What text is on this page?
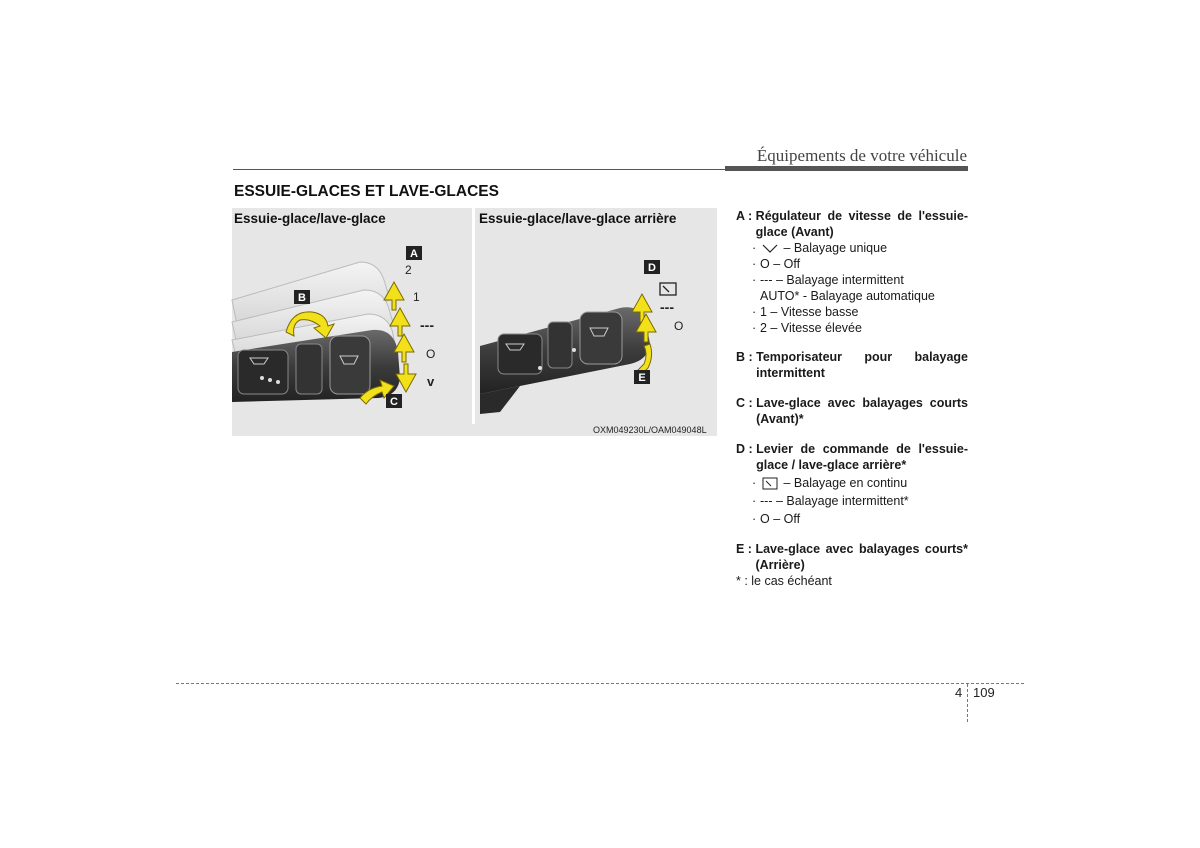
Équipements de votre véhicule
ESSUIE-GLACES ET LAVE-GLACES
Essuie-glace/lave-glace	Essuie-glace/lave-glace arrière
A
B
C
2
1
---
O
v
D
E
---
O
OXM049230L/OAM049048L
A : Régulateur de vitesse de l'essuie-glace (Avant)
· – Balayage unique
· O – Off
· --- – Balayage intermittent
AUTO* - Balayage automatique
· 1 – Vitesse basse
· 2 – Vitesse élevée
B : Temporisateur pour balayage intermittent
C : Lave-glace avec balayages courts (Avant)*
D : Levier de commande de l'essuie-glace / lave-glace arrière*
· – Balayage en continu
· --- – Balayage intermittent*
· O – Off
E : Lave-glace avec balayages courts* (Arrière)
* : le cas échéant
4 109
